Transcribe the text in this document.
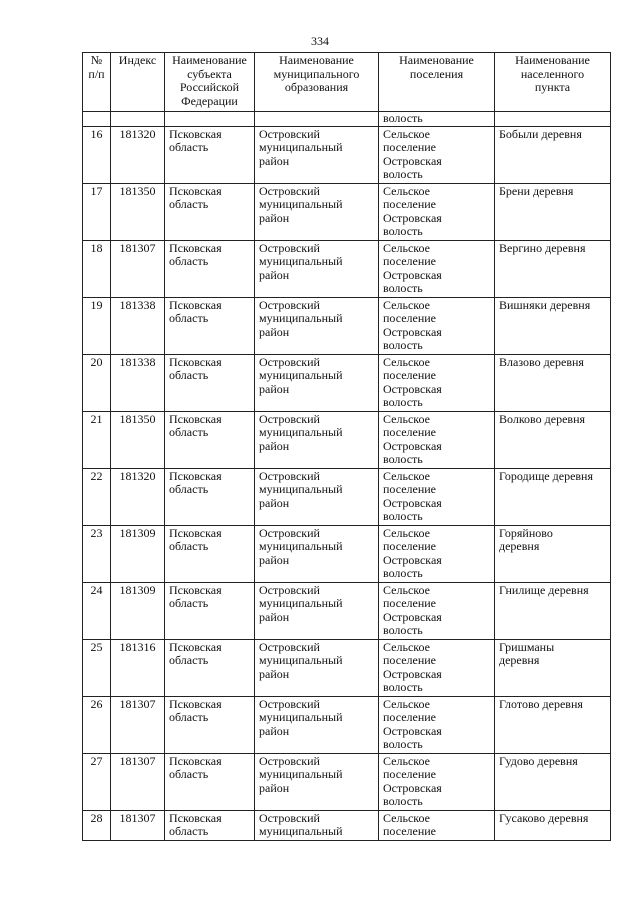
334
№
п/п	Индекс	Наименование
субъекта
Российской
Федерации	Наименование
муниципального
образования	Наименование
поселения	Наименование
населенного
пункта

				волость	

16	181320	Псковская
область	Островский
муниципальный
район	Сельское
поселение
Островская
волость	Бобыли деревня

17	181350	Псковская
область	Островский
муниципальный
район	Сельское
поселение
Островская
волость	Брени деревня

18	181307	Псковская
область	Островский
муниципальный
район	Сельское
поселение
Островская
волость	Вергино деревня

19	181338	Псковская
область	Островский
муниципальный
район	Сельское
поселение
Островская
волость	Вишняки деревня

20	181338	Псковская
область	Островский
муниципальный
район	Сельское
поселение
Островская
волость	Влазово деревня

21	181350	Псковская
область	Островский
муниципальный
район	Сельское
поселение
Островская
волость	Волково деревня

22	181320	Псковская
область	Островский
муниципальный
район	Сельское
поселение
Островская
волость	Городище деревня

23	181309	Псковская
область	Островский
муниципальный
район	Сельское
поселение
Островская
волость	Горяйново
деревня

24	181309	Псковская
область	Островский
муниципальный
район	Сельское
поселение
Островская
волость	Гнилище деревня

25	181316	Псковская
область	Островский
муниципальный
район	Сельское
поселение
Островская
волость	Гришманы
деревня

26	181307	Псковская
область	Островский
муниципальный
район	Сельское
поселение
Островская
волость	Глотово деревня

27	181307	Псковская
область	Островский
муниципальный
район	Сельское
поселение
Островская
волость	Гудово деревня

28	181307	Псковская
область	Островский
муниципальный	Сельское
поселение	Гусаково деревня
